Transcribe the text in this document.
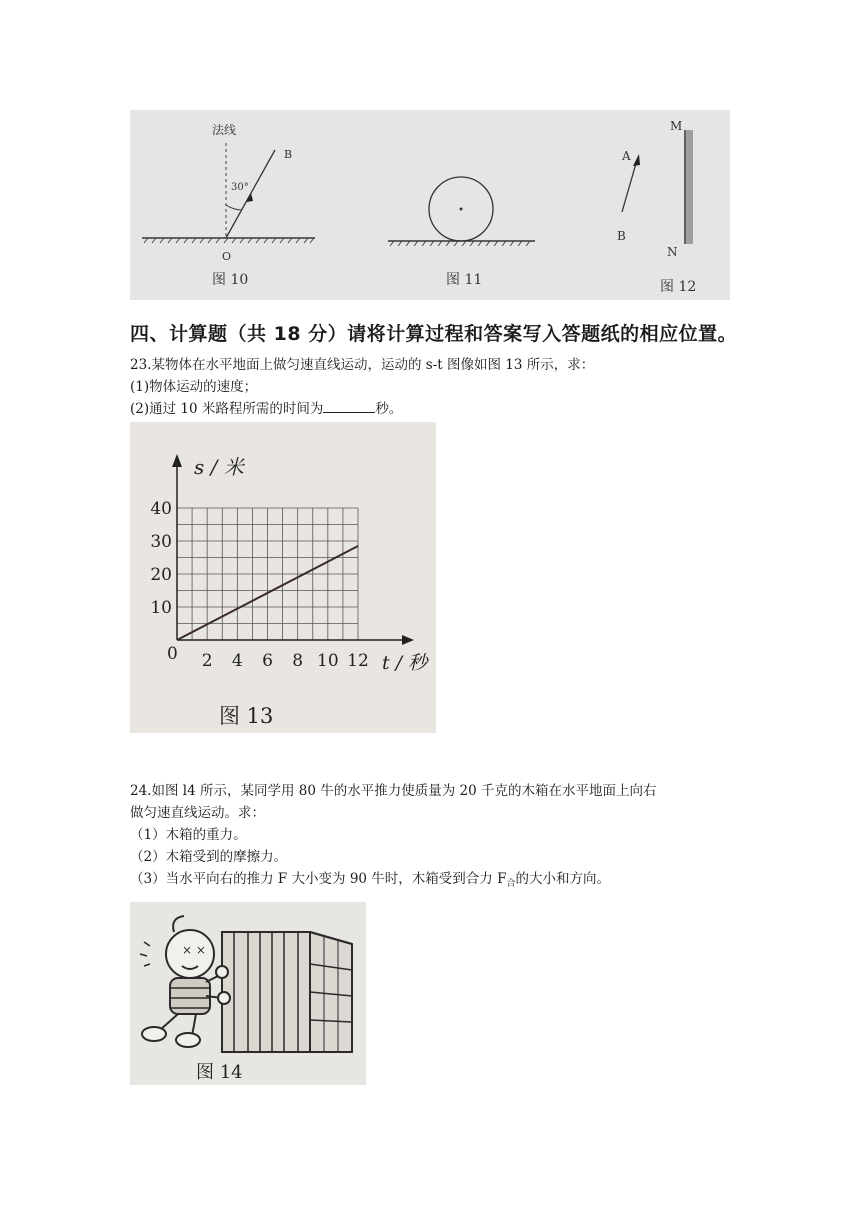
法线
B
30°
O
图 10	图 11
A
B
M
N
图 12
四、计算题（共 18 分）请将计算过程和答案写入答题纸的相应位置。
23.某物体在水平地面上做匀速直线运动，运动的 s-t 图像如图 13 所示，求：
(1)物体运动的速度；
(2)通过 10 米路程所需的时间为	秒。
2 4 6 8 10 12
10
20
30
40
s / 米
t / 秒
0
图 13
24.如图 l4 所示，某同学用 80 牛的水平推力使质量为 20 千克的木箱在水平地面上向右
做匀速直线运动。求：
（1）木箱的重力。
（2）木箱受到的摩擦力。
（3）当水平向右的推力 F 大小变为 90 牛时，木箱受到合力 $F_合$的大小和方向。
× ×
图 14
